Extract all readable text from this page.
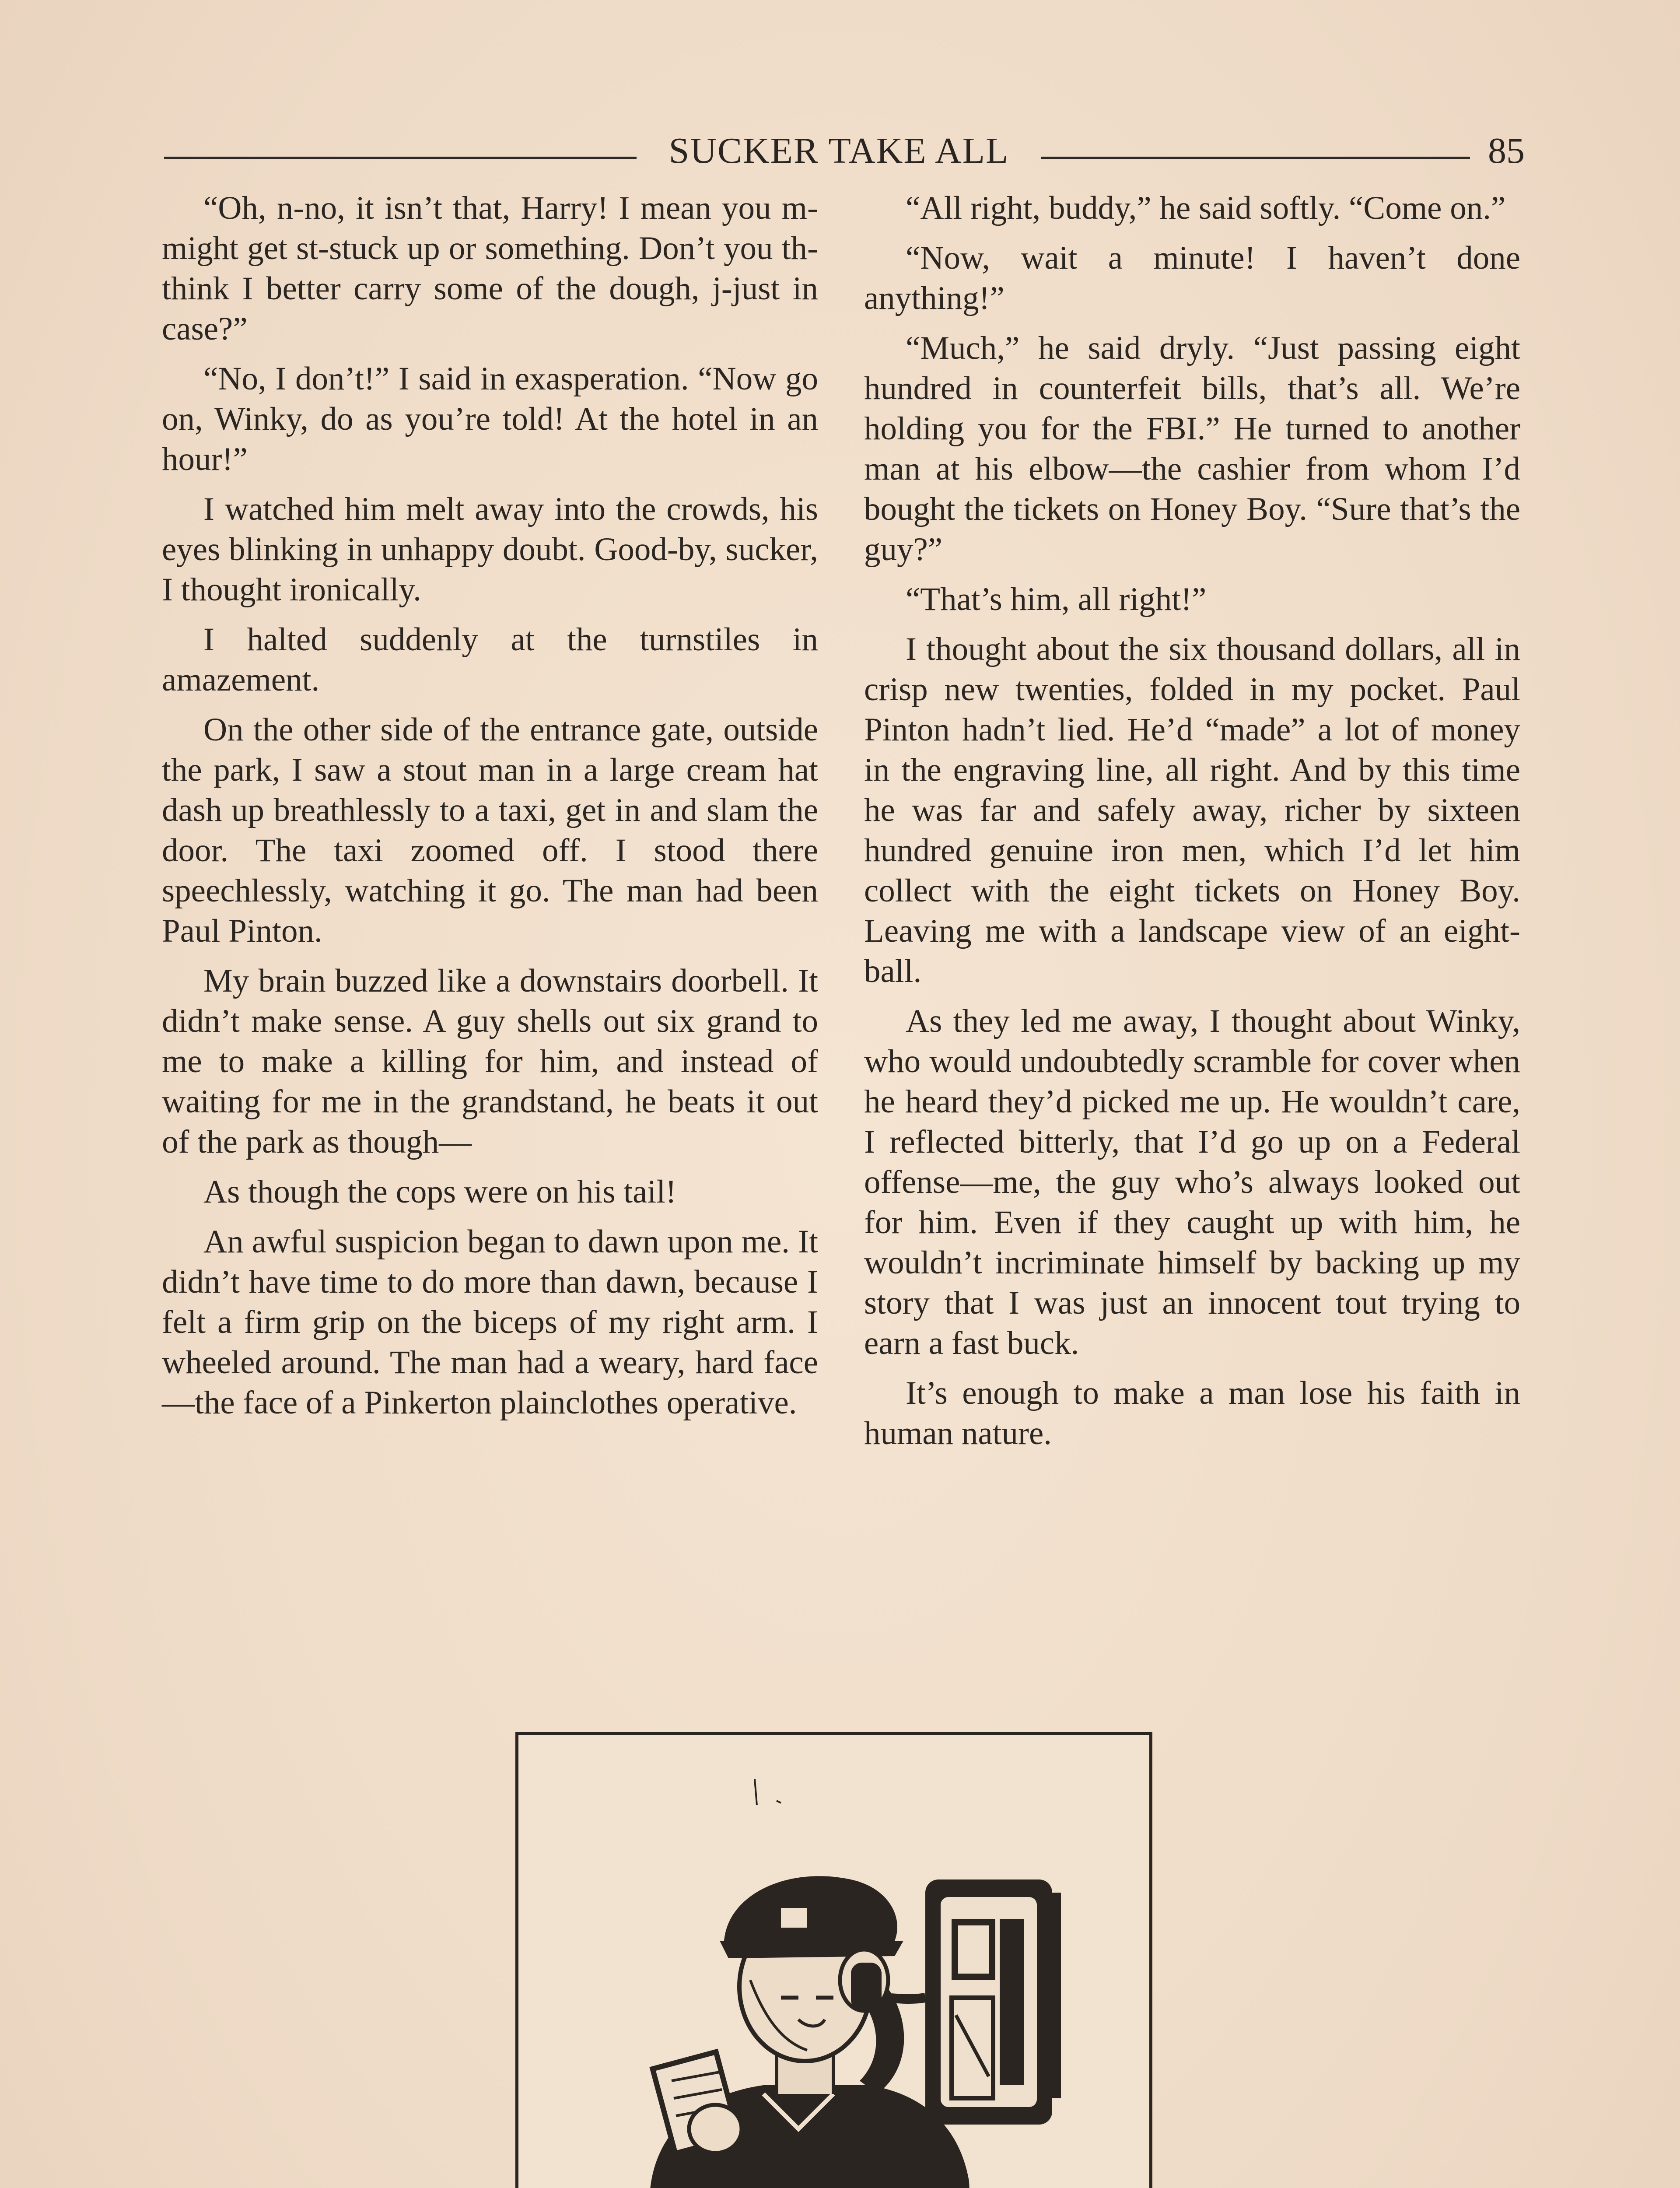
SUCKER TAKE ALL	85

“Oh, n-no, it isn’t that, Harry! I mean you m-might get st-stuck up or something. Don’t you th-think I better carry some of the dough, j-just in case?”

“No, I don’t!” I said in exasperation. “Now go on, Winky, do as you’re told! At the hotel in an hour!”

I watched him melt away into the crowds, his eyes blinking in unhappy doubt. Good-by, sucker, I thought ironically.

I halted suddenly at the turnstiles in amazement.

On the other side of the entrance gate, outside the park, I saw a stout man in a large cream hat dash up breathlessly to a taxi, get in and slam the door. The taxi zoomed off. I stood there speechlessly, watching it go. The man had been Paul Pinton.

My brain buzzed like a downstairs doorbell. It didn’t make sense. A guy shells out six grand to me to make a killing for him, and instead of waiting for me in the grandstand, he beats it out of the park as though—

As though the cops were on his tail!

An awful suspicion began to dawn upon me. It didn’t have time to do more than dawn, because I felt a firm grip on the biceps of my right arm. I wheeled around. The man had a weary, hard face—the face of a Pinkerton plainclothes operative.

“All right, buddy,” he said softly. “Come on.”

“Now, wait a minute! I haven’t done anything!”

“Much,” he said dryly. “Just passing eight hundred in counterfeit bills, that’s all. We’re holding you for the FBI.” He turned to another man at his elbow—the cashier from whom I’d bought the tickets on Honey Boy. “Sure that’s the guy?”

“That’s him, all right!”

I thought about the six thousand dollars, all in crisp new twenties, folded in my pocket. Paul Pinton hadn’t lied. He’d “made” a lot of money in the engraving line, all right. And by this time he was far and safely away, richer by sixteen hundred genuine iron men, which I’d let him collect with the eight tickets on Honey Boy. Leaving me with a landscape view of an eight-ball.

As they led me away, I thought about Winky, who would undoubtedly scramble for cover when he heard they’d picked me up. He wouldn’t care, I reflected bitterly, that I’d go up on a Federal offense—me, the guy who’s always looked out for him. Even if they caught up with him, he wouldn’t incriminate himself by backing up my story that I was just an innocent tout trying to earn a fast buck.

It’s enough to make a man lose his faith in human nature.
